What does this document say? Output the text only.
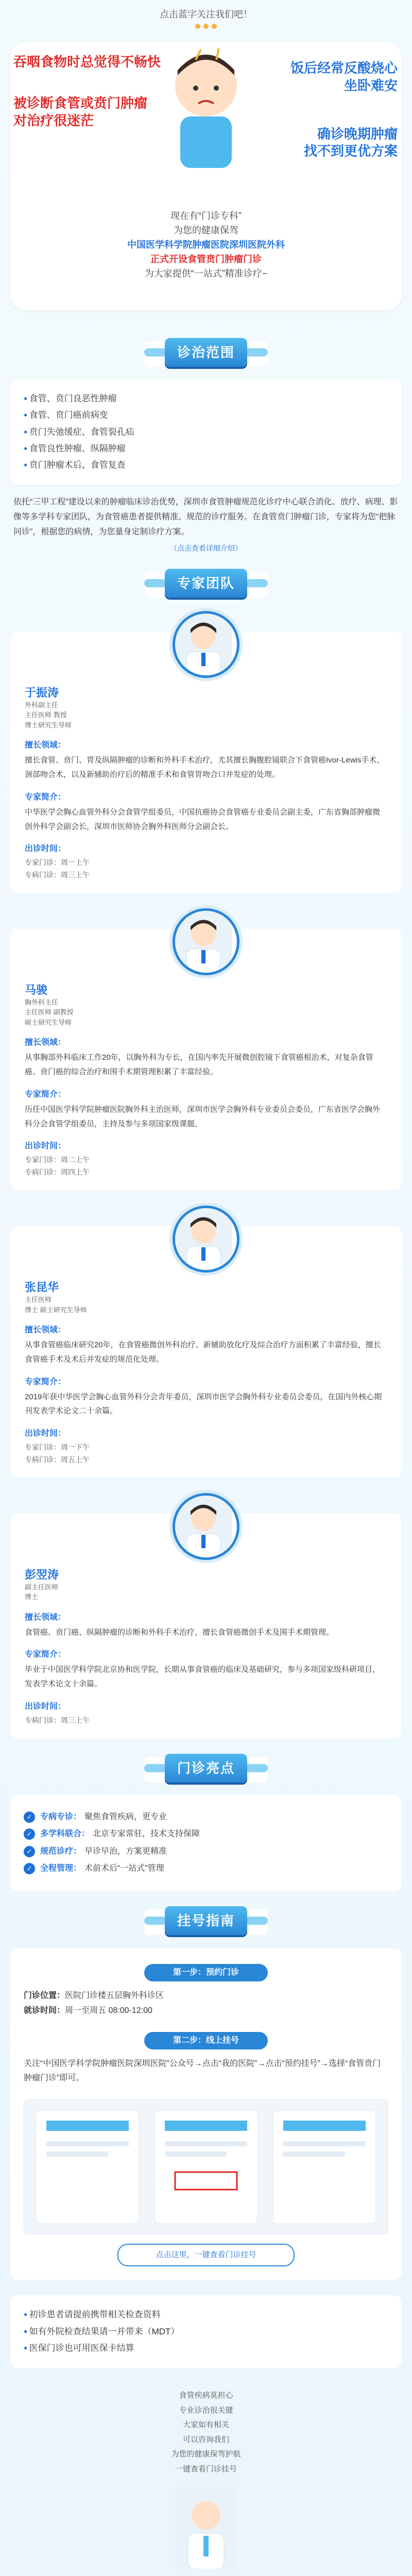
点击蓝字关注我们吧！
吞咽食物时总觉得不畅快
被诊断食管或贲门肿瘤
对治疗很迷茫
饭后经常反酸烧心
坐卧难安
确诊晚期肿瘤
找不到更优方案
现在有“门诊专科”
为您的健康保驾
中国医学科学院肿瘤医院深圳医院外科
正式开设食管贲门肿瘤门诊
为大家提供“一站式”精准诊疗~
诊治范围
● 食管、贲门良恶性肿瘤
● 食管、贲门癌前病变
● 贲门失弛缓症、食管裂孔疝
● 食管良性肿瘤、纵隔肿瘤
● 贲门肿瘤术后、食管复查
依托“三甲工程”建设以来的肿瘤临床诊治优势，深圳市食管肿瘤规范化诊疗中心联合消化、放疗、病理、影像等多学科专家团队，为食管癌患者提供精准、规范的诊疗服务。在食管贲门肿瘤门诊，专家将为您“把脉问诊”，根据您的病情，为您量身定制诊疗方案。
（点击查看详细介绍）
专家团队
于振涛
外科副主任
主任医师 教授
博士研究生导师
擅长领域：
擅长食管、贲门、胃及纵隔肿瘤的诊断和外科手术治疗，尤其擅长胸腹腔镜联合下食管癌Ivor-Lewis手术、颈部吻合术，以及新辅助治疗后的精准手术和食管胃吻合口并发症的处理。
专家简介：
中华医学会胸心血管外科分会食管学组委员，中国抗癌协会食管癌专业委员会副主委，广东省胸部肿瘤微创外科学会副会长，深圳市医师协会胸外科医师分会副会长。
出诊时间：
专家门诊：周一上午
专病门诊：周三上午
马骏
胸外科主任
主任医师 副教授
硕士研究生导师
擅长领域：
从事胸部外科临床工作20年，以胸外科为专长，在国内率先开展微创腔镜下食管癌根治术，对复杂食管癌、贲门癌的综合治疗和围手术期管理积累了丰富经验。
专家简介：
历任中国医学科学院肿瘤医院胸外科主治医师，深圳市医学会胸外科专业委员会委员，广东省医学会胸外科分会食管学组委员，主持及参与多项国家级课题。
出诊时间：
专家门诊：周二上午
专病门诊：周四上午
张昆华
主任医师
博士 硕士研究生导师
擅长领域：
从事食管癌临床研究20年，在食管癌微创外科治疗、新辅助放化疗及综合治疗方面积累了丰富经验，擅长食管癌手术及术后并发症的规范化处理。
专家简介：
2019年获中华医学会胸心血管外科分会青年委员，深圳市医学会胸外科专业委员会委员，在国内外核心期刊发表学术论文二十余篇。
出诊时间：
专家门诊：周一下午
专病门诊：周五上午
彭翌涛
副主任医师
博士
擅长领域：
食管癌、贲门癌、纵隔肿瘤的诊断和外科手术治疗，擅长食管癌微创手术及围手术期管理。
专家简介：
毕业于中国医学科学院北京协和医学院，长期从事食管癌的临床及基础研究，参与多项国家级科研项目，发表学术论文十余篇。
出诊时间：
专病门诊：周三上午
门诊亮点
✓ 专病专诊： 聚焦食管疾病，更专业
✓ 多学科联合： 北京专家常驻，技术支持保障
✓ 规范诊疗： 早诊早治，方案更精准
✓ 全程管理： 术前术后“一站式”管理
挂号指南
第一步：预约门诊
门诊位置：医院门诊楼五层胸外科诊区
就诊时间：周一至周五 08:00-12:00
第二步：线上挂号
关注“中国医学科学院肿瘤医院深圳医院”公众号→点击“我的医院”→点击“预约挂号”→选择“食管贲门肿瘤门诊”即可。
点击这里，一键查看门诊挂号
● 初诊患者请提前携带相关检查资料
● 如有外院检查结果请一并带来（MDT）
● 医保门诊也可用医保卡结算
食管疾病莫担心
专业诊治很关键
大家如有相关
可以咨询我们
为您的健康保驾护航
一键查看门诊挂号
